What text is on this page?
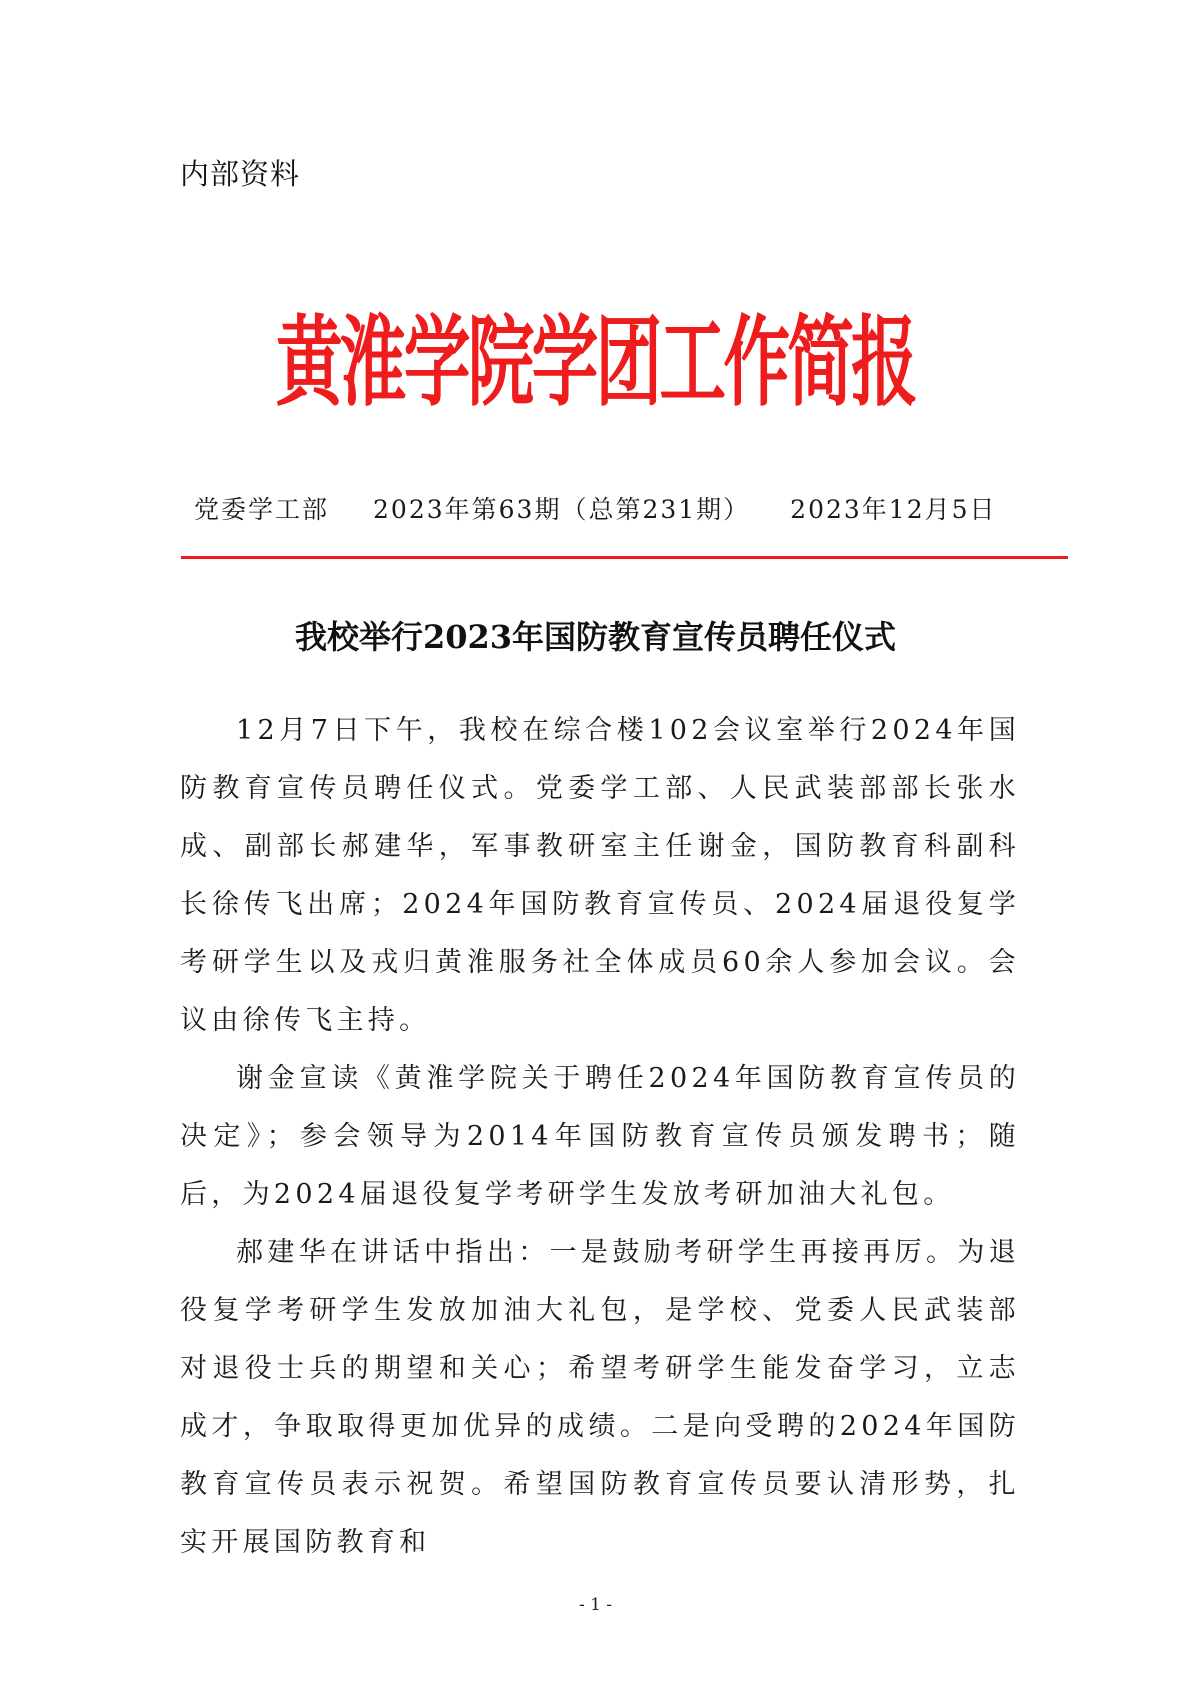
内部资料
黄淮学院学团工作简报
党委学工部 2023年第63期（总第231期） 2023年12月5日
我校举行2023年国防教育宣传员聘任仪式

12月7日下午，我校在综合楼102会议室举行2024年国防教育宣传员聘任仪式。党委学工部、人民武装部部长张水成、副部长郝建华，军事教研室主任谢金，国防教育科副科长徐传飞出席；2024年国防教育宣传员、2024届退役复学考研学生以及戎归黄淮服务社全体成员60余人参加会议。会议由徐传飞主持。

谢金宣读《黄淮学院关于聘任2024年国防教育宣传员的决定》；参会领导为2014年国防教育宣传员颁发聘书；随后，为2024届退役复学考研学生发放考研加油大礼包。

郝建华在讲话中指出：一是鼓励考研学生再接再厉。为退役复学考研学生发放加油大礼包，是学校、党委人民武装部对退役士兵的期望和关心；希望考研学生能发奋学习，立志成才，争取取得更加优异的成绩。二是向受聘的2024年国防教育宣传员表示祝贺。希望国防教育宣传员要认清形势，扎实开展国防教育和

- 1 -
